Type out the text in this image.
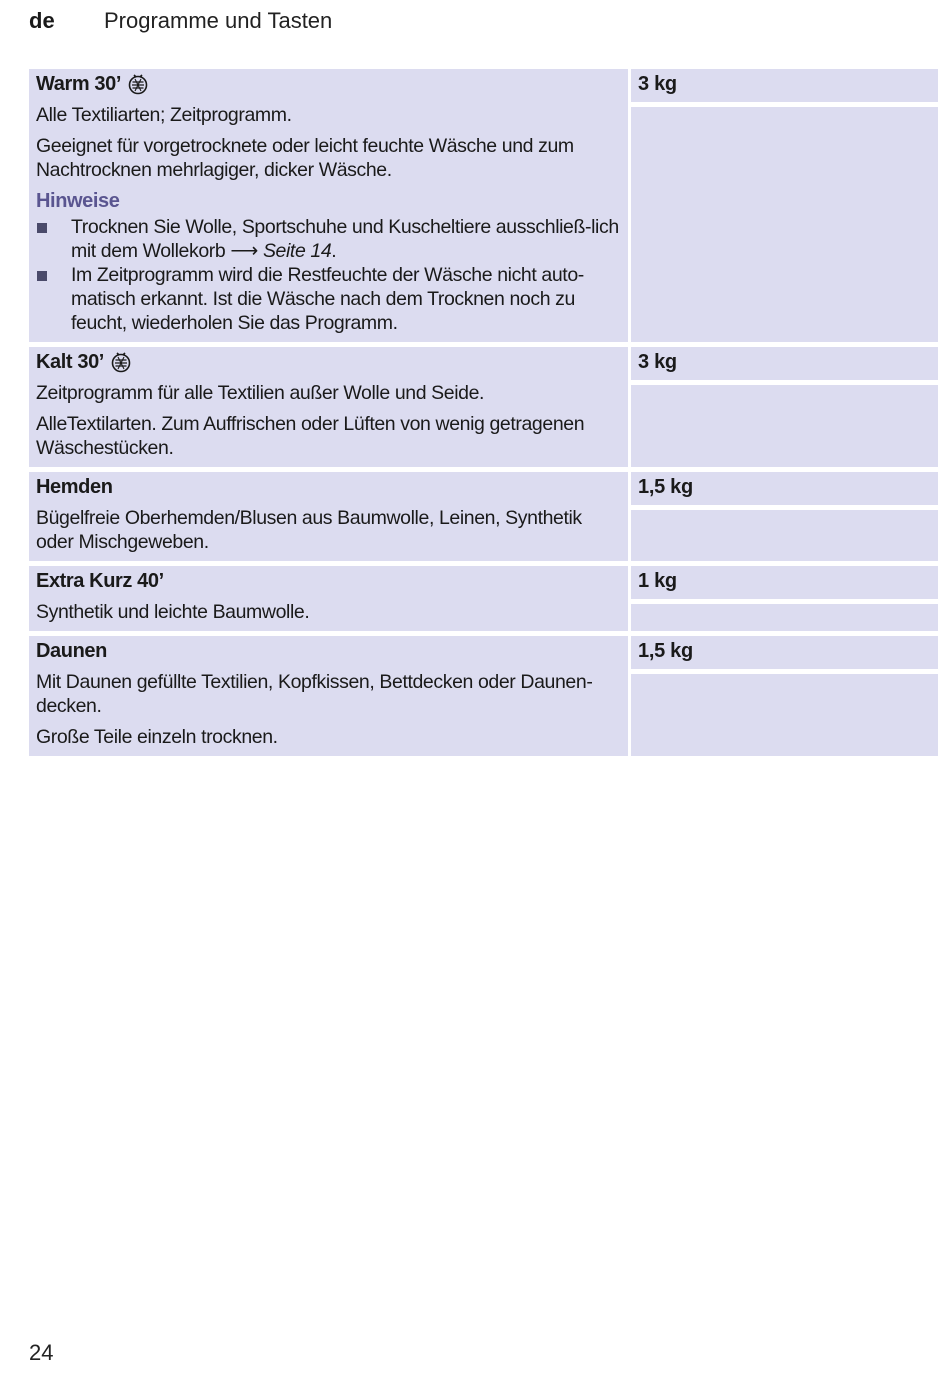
de	Programme und Tasten
Warm 30’

Alle Textiliarten; Zeitprogramm.

Geeignet für vorgetrocknete oder leicht feuchte Wäsche und zum Nachtrocknen mehrlagiger, dicker Wäsche.

Hinweise
Trocknen Sie Wolle, Sportschuhe und Kuscheltiere ausschließ-lich mit dem Wollekorb ⟶ Seite 14.
Im Zeitprogramm wird die Restfeuchte der Wäsche nicht auto-matisch erkannt. Ist die Wäsche nach dem Trocknen noch zu feucht, wiederholen Sie das Programm.
3 kg
Kalt 30’

Zeitprogramm für alle Textilien außer Wolle und Seide.

AlleTextilarten. Zum Auffrischen oder Lüften von wenig getragenen Wäschestücken.

3 kg
Hemden

Bügelfreie Oberhemden/Blusen aus Baumwolle, Leinen, Synthetik oder Mischgeweben.

1,5 kg
Extra Kurz 40’

Synthetik und leichte Baumwolle.

1 kg
Daunen

Mit Daunen gefüllte Textilien, Kopfkissen, Bettdecken oder Daunen-decken.

Große Teile einzeln trocknen.

1,5 kg
24
